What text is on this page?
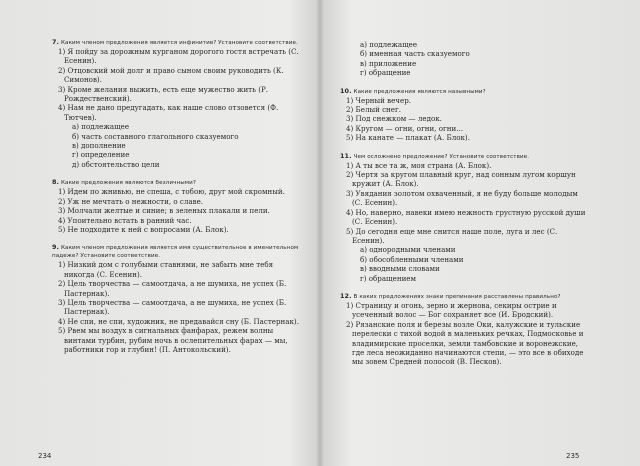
7. Каким членом предложения является инфинитив? Установите соответствие.
1) Я пойду за дорожным курганом дорогого гостя встречать (С. Есенин).
2) Отцовский мой долг и право сыном своим руководить (К. Симонов).
3) Кроме желания выжить, есть еще мужество жить (Р. Рождественский).
4) Нам не дано предугадать, как наше слово отзовется (Ф. Тютчев).
а) подлежащее
б) часть составного глагольного сказуемого
в) дополнение
г) определение
д) обстоятельство цели
8. Какие предложения являются безличными?
1) Идем по жнивью, не спеша, с тобою, друг мой скромный.
2) Уж не мечтать о нежности, о славе.
3) Молчали желтые и синие; в зеленых плакали и пели.
4) Упоительно встать в ранний час.
5) Не подходите к ней с вопросами (А. Блок).
9. Каким членом предложения является имя существительное в именительном падеже? Установите соответствие.
1) Низкий дом с голубыми ставнями, не забыть мне тебя никогда (С. Есенин).
2) Цель творчества — самоотдача, а не шумиха, не успех (Б. Пастернак).
3) Цель творчества — самоотдача, а не шумиха, не успех (Б. Пастернак).
4) Не спи, не спи, художник, не предавайся сну (Б. Пастернак).
5) Рвем мы воздух в сигнальных фанфарах, режем волны винтами турбин, рубим ночь в ослепительных фарах — мы, работники гор и глубин! (П. Антокольский).
234
а) подлежащее
б) именная часть сказуемого
в) приложение
г) обращение
10. Какие предложения являются назывными?
1) Черный вечер.
2) Белый снег.
3) Под снежком — ледок.
4) Кругом — огни, огни, огни...
5) На канате — плакат (А. Блок).
11. Чем осложнено предложение? Установите соответствие.
1) А ты все та ж, моя страна (А. Блок).
2) Чертя за кругом плавный круг, над сонным лугом коршун кружит (А. Блок).
3) Увядания золотом охваченный, я не буду больше молодым (С. Есенин).
4) Но, наверно, навеки имею нежность грустную русской души (С. Есенин).
5) До сегодня еще мне снится наше поле, луга и лес (С. Есенин).
а) однородными членами
б) обособленными членами
в) вводными словами
г) обращением
12. В каких предложениях знаки препинания расставлены правильно?
1) Страницу и огонь, зерно и жернова, секиры острие и усеченный волос — Бог сохраняет все (И. Бродский).
2) Рязанские поля и березы возле Оки, калужские и тульские перелески с тихой водой в маленьких речках, Подмосковье и владимирские проселки, земли тамбовские и воронежские, где леса неожиданно начинаются степи, — это все в обиходе мы зовем Средней полосой (В. Песков).
235
